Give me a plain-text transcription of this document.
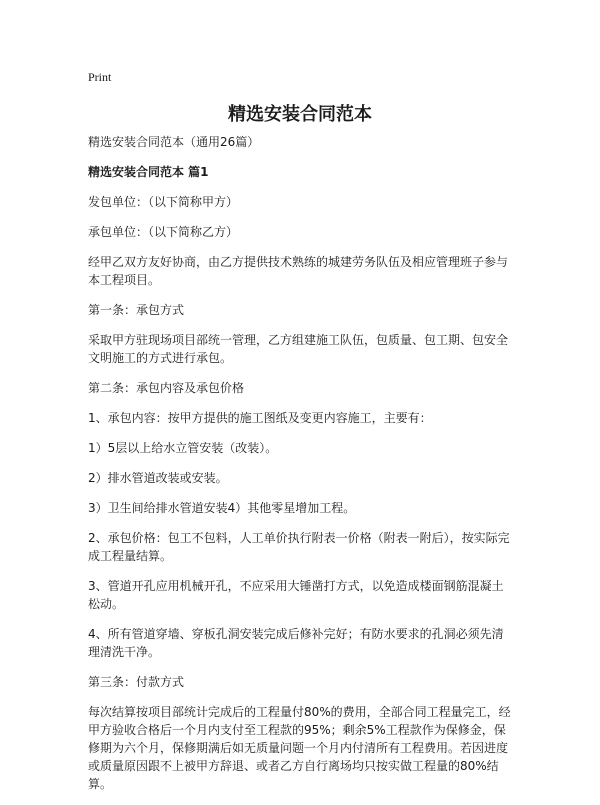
Print
精选安装合同范本

精选安装合同范本（通用26篇）

精选安装合同范本 篇1

发包单位：（以下简称甲方）

承包单位：（以下简称乙方）

经甲乙双方友好协商，由乙方提供技术熟练的城建劳务队伍及相应管理班子参与本工程项目。

第一条：承包方式

采取甲方驻现场项目部统一管理，乙方组建施工队伍，包质量、包工期、包安全文明施工的方式进行承包。

第二条：承包内容及承包价格

1、承包内容：按甲方提供的施工图纸及变更内容施工，主要有：

1）5层以上给水立管安装（改装）。

2）排水管道改装或安装。

3）卫生间给排水管道安装4）其他零星增加工程。

2、承包价格：包工不包料，人工单价执行附表一价格（附表一附后），按实际完成工程量结算。

3、管道开孔应用机械开孔，不应采用大锤凿打方式，以免造成楼面钢筋混凝土松动。

4、所有管道穿墙、穿板孔洞安装完成后修补完好；有防水要求的孔洞必须先清理清洗干净。

第三条：付款方式

每次结算按项目部统计完成后的工程量付80%的费用，全部合同工程量完工，经甲方验收合格后一个月内支付至工程款的95%；剩余5%工程款作为保修金，保修期为六个月，保修期满后如无质量问题一个月内付清所有工程费用。若因进度或质量原因跟不上被甲方辞退、或者乙方自行离场均只按实做工程量的80%结算。
